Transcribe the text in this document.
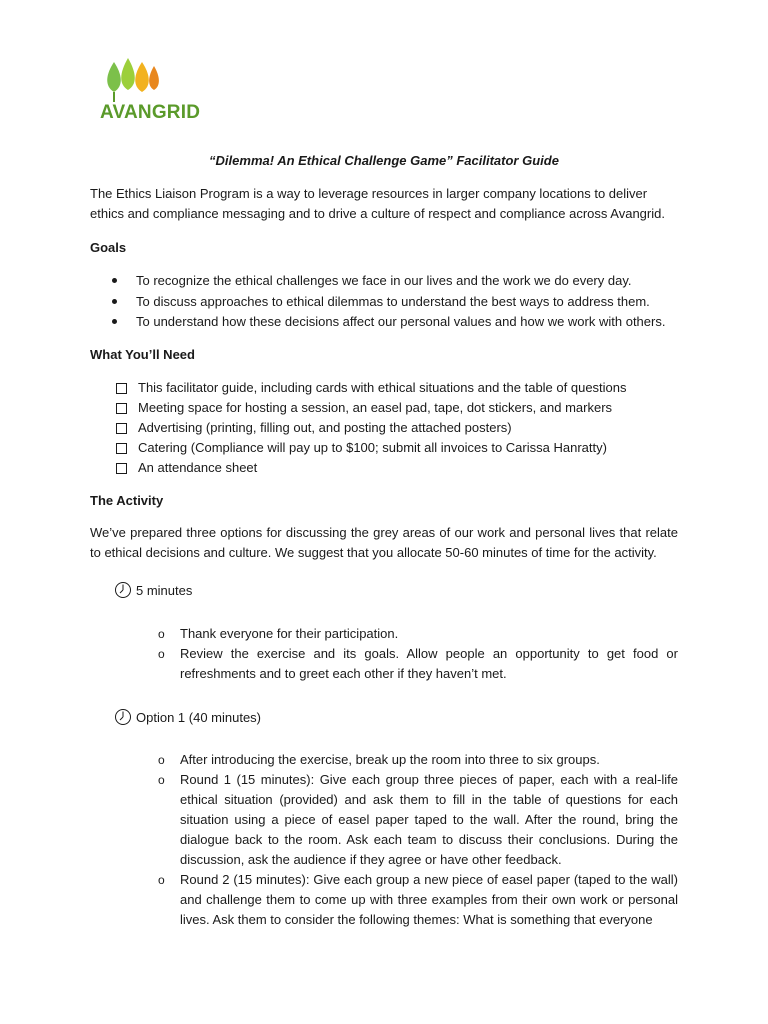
AVANGRID
“Dilemma! An Ethical Challenge Game” Facilitator Guide
The Ethics Liaison Program is a way to leverage resources in larger company locations to deliver ethics and compliance messaging and to drive a culture of respect and compliance across Avangrid.
Goals
To recognize the ethical challenges we face in our lives and the work we do every day.
To discuss approaches to ethical dilemmas to understand the best ways to address them.
To understand how these decisions affect our personal values and how we work with others.
What You’ll Need
This facilitator guide, including cards with ethical situations and the table of questions
Meeting space for hosting a session, an easel pad, tape, dot stickers, and markers
Advertising (printing, filling out, and posting the attached posters)
Catering (Compliance will pay up to $100; submit all invoices to Carissa Hanratty)
An attendance sheet
The Activity
We’ve prepared three options for discussing the grey areas of our work and personal lives that relate to ethical decisions and culture. We suggest that you allocate 50-60 minutes of time for the activity.
5 minutes
o Thank everyone for their participation.
o Review the exercise and its goals. Allow people an opportunity to get food or refreshments and to greet each other if they haven’t met.
Option 1 (40 minutes)
o After introducing the exercise, break up the room into three to six groups.
o Round 1 (15 minutes): Give each group three pieces of paper, each with a real-life ethical situation (provided) and ask them to fill in the table of questions for each situation using a piece of easel paper taped to the wall. After the round, bring the dialogue back to the room. Ask each team to discuss their conclusions. During the discussion, ask the audience if they agree or have other feedback.
o Round 2 (15 minutes): Give each group a new piece of easel paper (taped to the wall) and challenge them to come up with three examples from their own work or personal lives. Ask them to consider the following themes: What is something that everyone
